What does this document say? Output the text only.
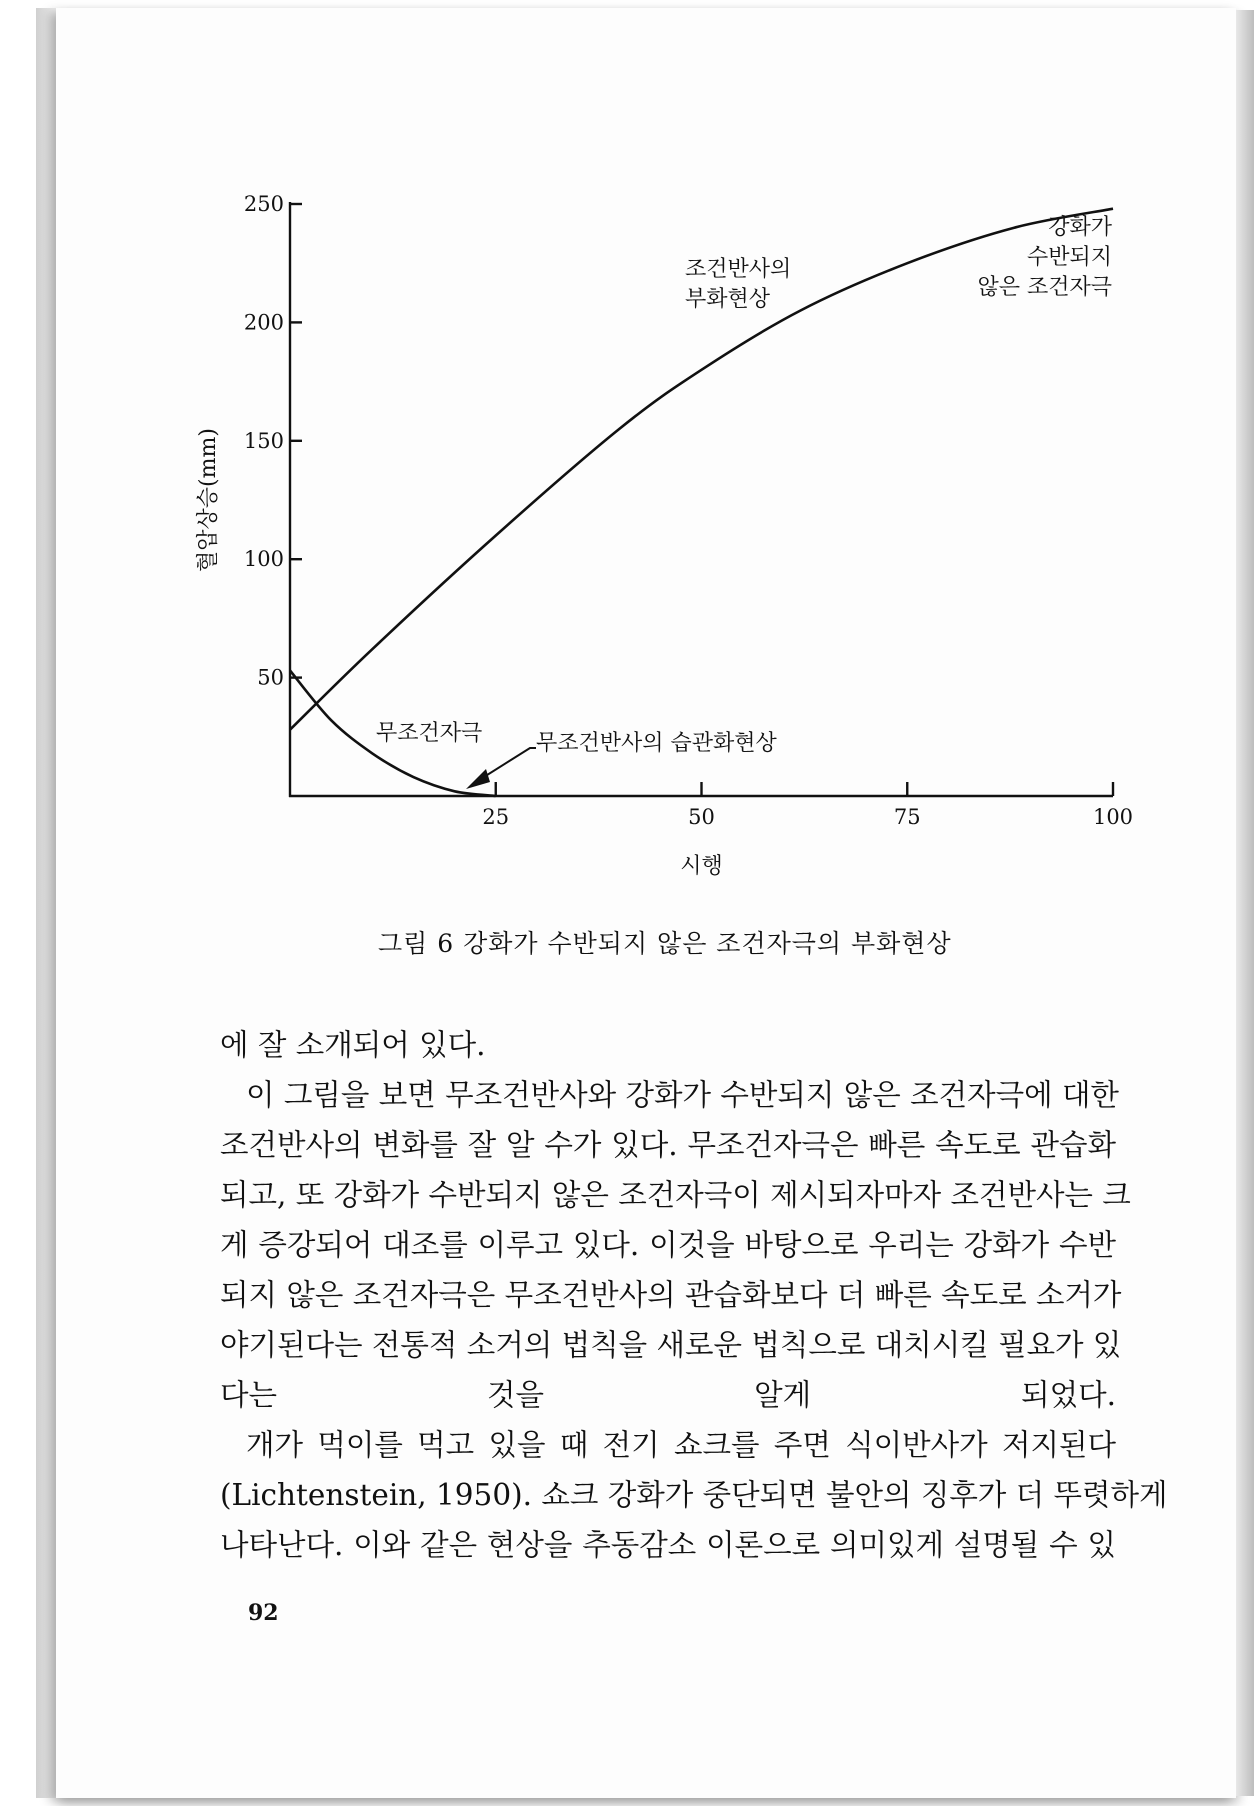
50
100
150
200
250
25	50	75	100
시행
혈압상승(mm)
조건반사의
부화현상
강화가
수반되지
않은 조건자극
무조건자극 무조건반사의 습관화현상
그림 6 강화가 수반되지 않은 조건자극의 부화현상

에 잘 소개되어 있다.

이 그림을 보면 무조건반사와 강화가 수반되지 않은 조건자극에 대한
조건반사의 변화를 잘 알 수가 있다. 무조건자극은 빠른 속도로 관습화
되고, 또 강화가 수반되지 않은 조건자극이 제시되자마자 조건반사는 크
게 증강되어 대조를 이루고 있다. 이것을 바탕으로 우리는 강화가 수반
되지 않은 조건자극은 무조건반사의 관습화보다 더 빠른 속도로 소거가
야기된다는 전통적 소거의 법칙을 새로운 법칙으로 대치시킬 필요가 있
다는 것을 알게 되었다.

개가 먹이를 먹고 있을 때 전기 쇼크를 주면 식이반사가 저지된다
(Lichtenstein, 1950). 쇼크 강화가 중단되면 불안의 징후가 더 뚜렷하게
나타난다. 이와 같은 현상을 추동감소 이론으로 의미있게 설명될 수 있

92
